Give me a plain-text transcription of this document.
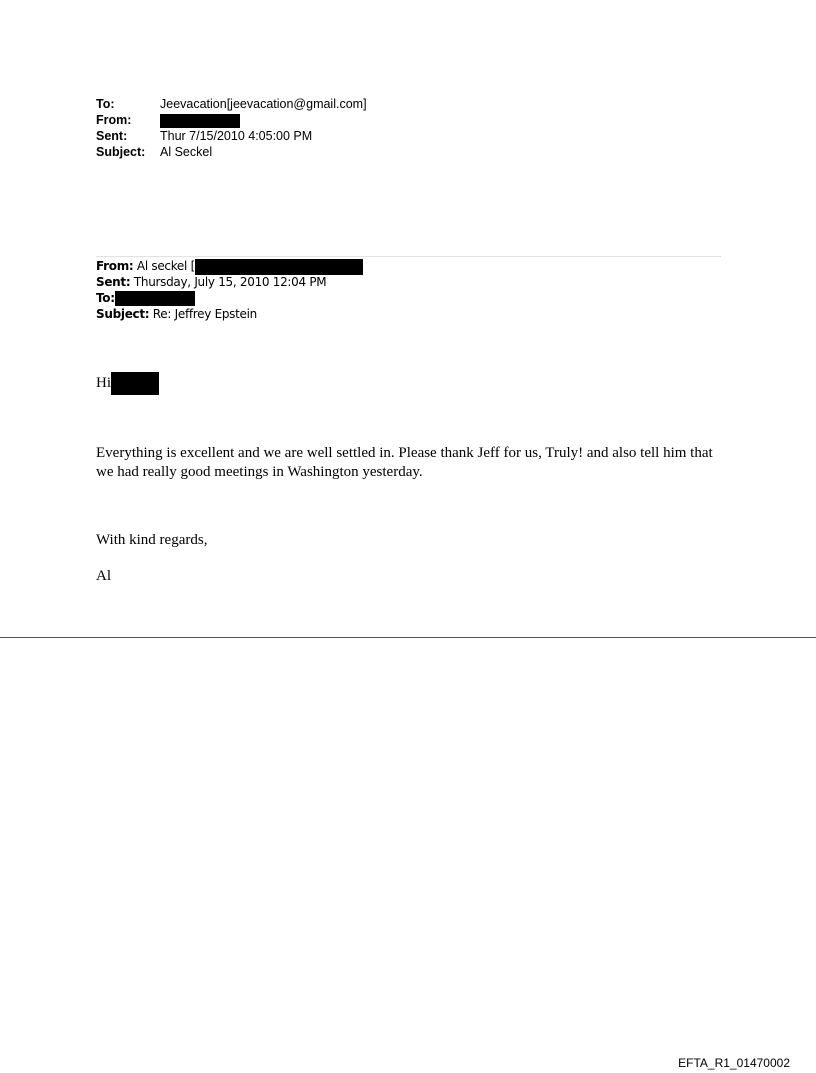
To:	Jeevacation[jeevacation@gmail.com]
From:
Sent:	Thur 7/15/2010 4:05:00 PM
Subject:	Al Seckel
From: Al seckel [
Sent: Thursday, July 15, 2010 12:04 PM
To:
Subject: Re: Jeffrey Epstein
Hi
Everything is excellent and we are well settled in. Please thank Jeff for us, Truly! and also tell him that we had really good meetings in Washington yesterday.
With kind regards,
Al
EFTA_R1_01470002
